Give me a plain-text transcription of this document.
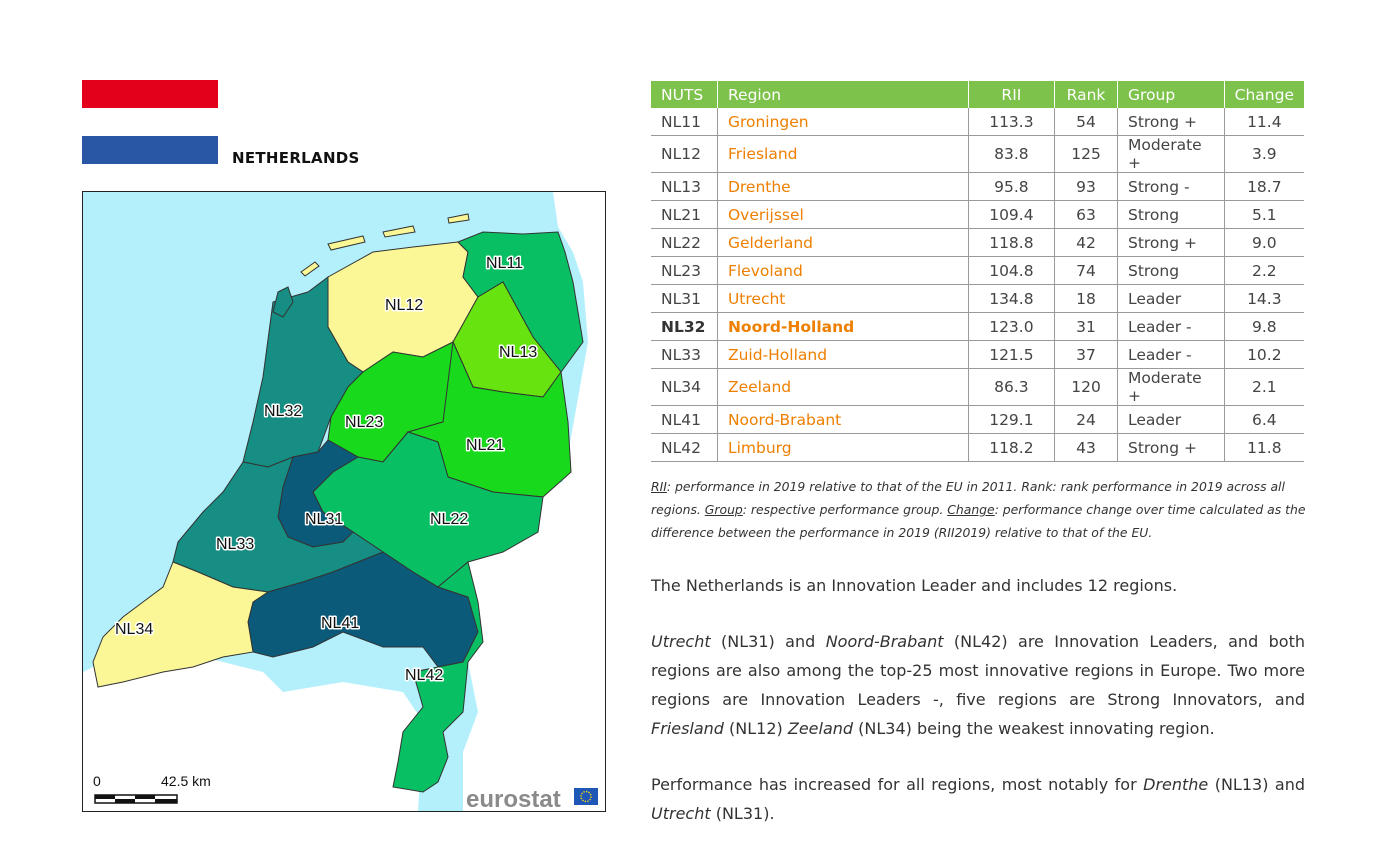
NETHERLANDS
NL11
NL12
NL13
NL21
NL22
NL23
NL31
NL32
NL33
NL34	NL41
NL42
0	42.5 km
eurostat
NUTS	Region	RII	Rank	Group	Change
NL11	Groningen	113.3	54	Strong +	11.4
NL12	Friesland	83.8	125	Moderate +	3.9
NL13	Drenthe	95.8	93	Strong -	18.7
NL21	Overijssel	109.4	63	Strong	5.1
NL22	Gelderland	118.8	42	Strong +	9.0
NL23	Flevoland	104.8	74	Strong	2.2
NL31	Utrecht	134.8	18	Leader	14.3
NL32	Noord-Holland	123.0	31	Leader -	9.8
NL33	Zuid-Holland	121.5	37	Leader -	10.2
NL34	Zeeland	86.3	120	Moderate +	2.1
NL41	Noord-Brabant	129.1	24	Leader	6.4
NL42	Limburg	118.2	43	Strong +	11.8
RII: performance in 2019 relative to that of the EU in 2011. Rank: rank performance in 2019 across all regions. Group: respective performance group. Change: performance change over time calculated as the difference between the performance in 2019 (RII2019) relative to that of the EU.

The Netherlands is an Innovation Leader and includes 12 regions.

Utrecht (NL31) and Noord-Brabant (NL42) are Innovation Leaders, and both regions are also among the top-25 most innovative regions in Europe. Two more regions are Innovation Leaders -, five regions are Strong Innovators, and Friesland (NL12) Zeeland (NL34) being the weakest innovating region.

Performance has increased for all regions, most notably for Drenthe (NL13) and Utrecht (NL31).
